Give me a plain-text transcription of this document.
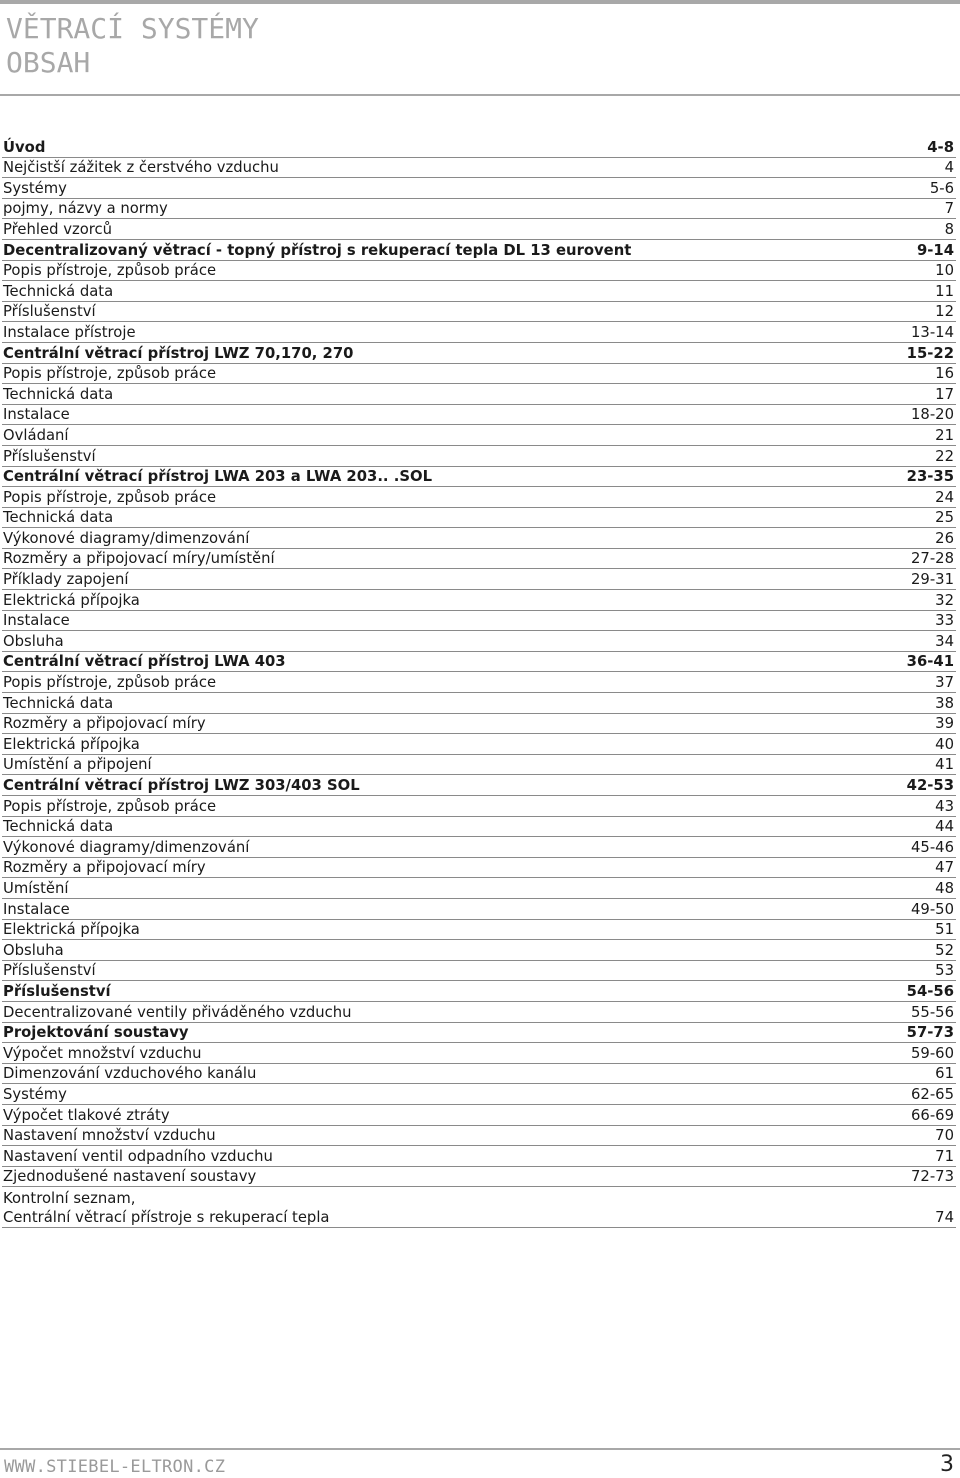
VĚTRACÍ SYSTÉMY
OBSAH
Úvod	4-8
Nejčistší zážitek z čerstvého vzduchu	4
Systémy	5-6
pojmy, názvy a normy	7
Přehled vzorců	8
Decentralizovaný větrací - topný přístroj s rekuperací tepla DL 13 eurovent	9-14
Popis přístroje, způsob práce	10
Technická data	11
Příslušenství	12
Instalace přístroje	13-14
Centrální větrací přístroj LWZ 70,170, 270	15-22
Popis přístroje, způsob práce	16
Technická data	17
Instalace	18-20
Ovládaní	21
Příslušenství	22
Centrální větrací přístroj LWA 203 a LWA 203.. .SOL	23-35
Popis přístroje, způsob práce	24
Technická data	25
Výkonové diagramy/dimenzování	26
Rozměry a připojovací míry/umístění	27-28
Příklady zapojení	29-31
Elektrická přípojka	32
Instalace	33
Obsluha	34
Centrální větrací přístroj LWA 403	36-41
Popis přístroje, způsob práce	37
Technická data	38
Rozměry a připojovací míry	39
Elektrická přípojka	40
Umístění a připojení	41
Centrální větrací přístroj LWZ 303/403 SOL	42-53
Popis přístroje, způsob práce	43
Technická data	44
Výkonové diagramy/dimenzování	45-46
Rozměry a připojovací míry	47
Umístění	48
Instalace	49-50
Elektrická přípojka	51
Obsluha	52
Příslušenství	53
Příslušenství	54-56
Decentralizované ventily přiváděného vzduchu	55-56
Projektování soustavy	57-73
Výpočet množství vzduchu	59-60
Dimenzování vzduchového kanálu	61
Systémy	62-65
Výpočet tlakové ztráty	66-69
Nastavení množství vzduchu	70
Nastavení ventil odpadního vzduchu	71
Zjednodušené nastavení soustavy	72-73
Kontrolní seznam,
Centrální větrací přístroje s rekuperací tepla	74
WWW.STIEBEL-ELTRON.CZ	3
